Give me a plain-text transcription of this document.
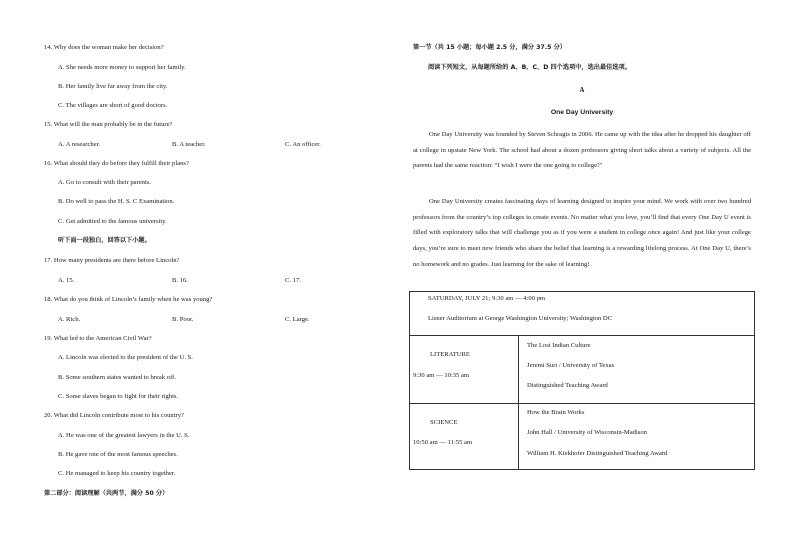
14. Why does the woman make her decision?
A. She needs more money to support her family.
B. Her family live far away from the city.
C. The villages are short of good doctors.
15. What will the man probably be in the future?
A. A researcher.	B. A teacher.	C. An officer.
16. What should they do before they fulfill their plans?
A. Go to consult with their parents.
B. Do well to pass the H. S. C Examination.
C. Get admitted to the famous university.
听下面一段独白，回答以下小题。
17. How many presidents are there before Lincoln?
A. 15.	B. 16.	C. 17.
18. What do you think of Lincoln’s family when he was young?
A. Rich.	B. Poor.	C. Large.
19. What led to the American Civil War?
A. Lincoln was elected to the president of the U. S.
B. Some southern states wanted to break off.
C. Some slaves began to fight for their rights.
20. What did Lincoln contribute most to his country?
A. He was one of the greatest lawyers in the U. S.
B. He gave one of the most famous speeches.
C. He managed to keep his country together.
第二部分：阅读理解（共两节，满分 50 分）
第一节（共 15 小题；每小题 2.5 分，满分 37.5 分）
阅读下列短文，从每题所给的 A、B、C、D 四个选项中，选出最佳选项。
A
One Day University
One Day University was founded by Steven Schragis in 2006. He came up with the idea after he dropped his daughter off at college in upstate New York. The school had about a dozen professors giving short talks about a variety of subjects. All the parents had the same reaction: “I wish I were the one going to college!”
One Day University creates fascinating days of learning designed to inspire your mind. We work with over two hundred professors from the country’s top colleges to create events. No matter what you love, you’ll find that every One Day U event is filled with exploratory talks that will challenge you as if you were a student in college once again! And just like your college days, you’re sure to meet new friends who share the belief that learning is a rewarding lifelong process. At One Day U, there’s no homework and no grades. Just learning for the sake of learning!
SATURDAY, JULY 21; 9:30 am — 4:00 pm
Lisner Auditorium at George Washington University; Washington DC
LITERATURE
9:30 am — 10:35 am
The Lost Indian Culture
Jeremi Suri / University of Texas
Distinguished Teaching Award
SCIENCE
10:50 am — 11:55 am
How the Brain Works
John Hall / University of Wisconsin-Madison
William H. Kiekhofer Distinguished Teaching Award
